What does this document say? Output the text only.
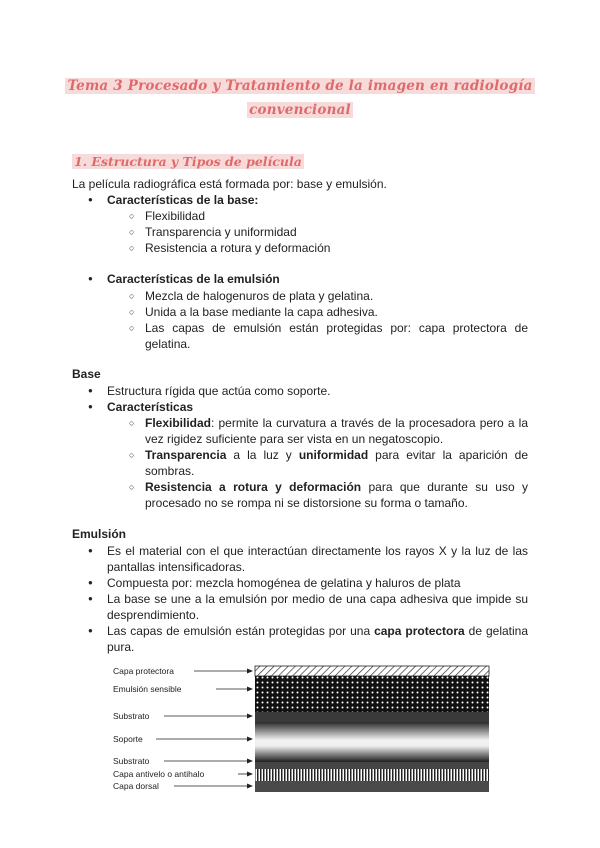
Tema 3 Procesado y Tratamiento de la imagen en radiología
convencional
1. Estructura y Tipos de película

La película radiográfica está formada por: base y emulsión.

● Características de la base:
○ Flexibilidad
○ Transparencia y uniformidad
○ Resistencia a rotura y deformación
● Características de la emulsión
○ Mezcla de halogenuros de plata y gelatina.
○ Unida a la base mediante la capa adhesiva.
○ Las capas de emulsión están protegidas por: capa protectora de gelatina.

Base

● Estructura rígida que actúa como soporte.
● Características
○ Flexibilidad: permite la curvatura a través de la procesadora pero a la vez rigidez suficiente para ser vista en un negatoscopio.
○ Transparencia a la luz y uniformidad para evitar la aparición de sombras.
○ Resistencia a rotura y deformación para que durante su uso y procesado no se rompa ni se distorsione su forma o tamaño.

Emulsión

● Es el material con el que interactúan directamente los rayos X y la luz de las pantallas intensificadoras.
● Compuesta por: mezcla homogénea de gelatina y haluros de plata
● La base se une a la emulsión por medio de una capa adhesiva que impide su desprendimiento.
● Las capas de emulsión están protegidas por una capa protectora de gelatina pura.
Capa protectora
Emulsión sensible
Substrato
Soporte
Substrato
Capa antivelo o antihalo
Capa dorsal
